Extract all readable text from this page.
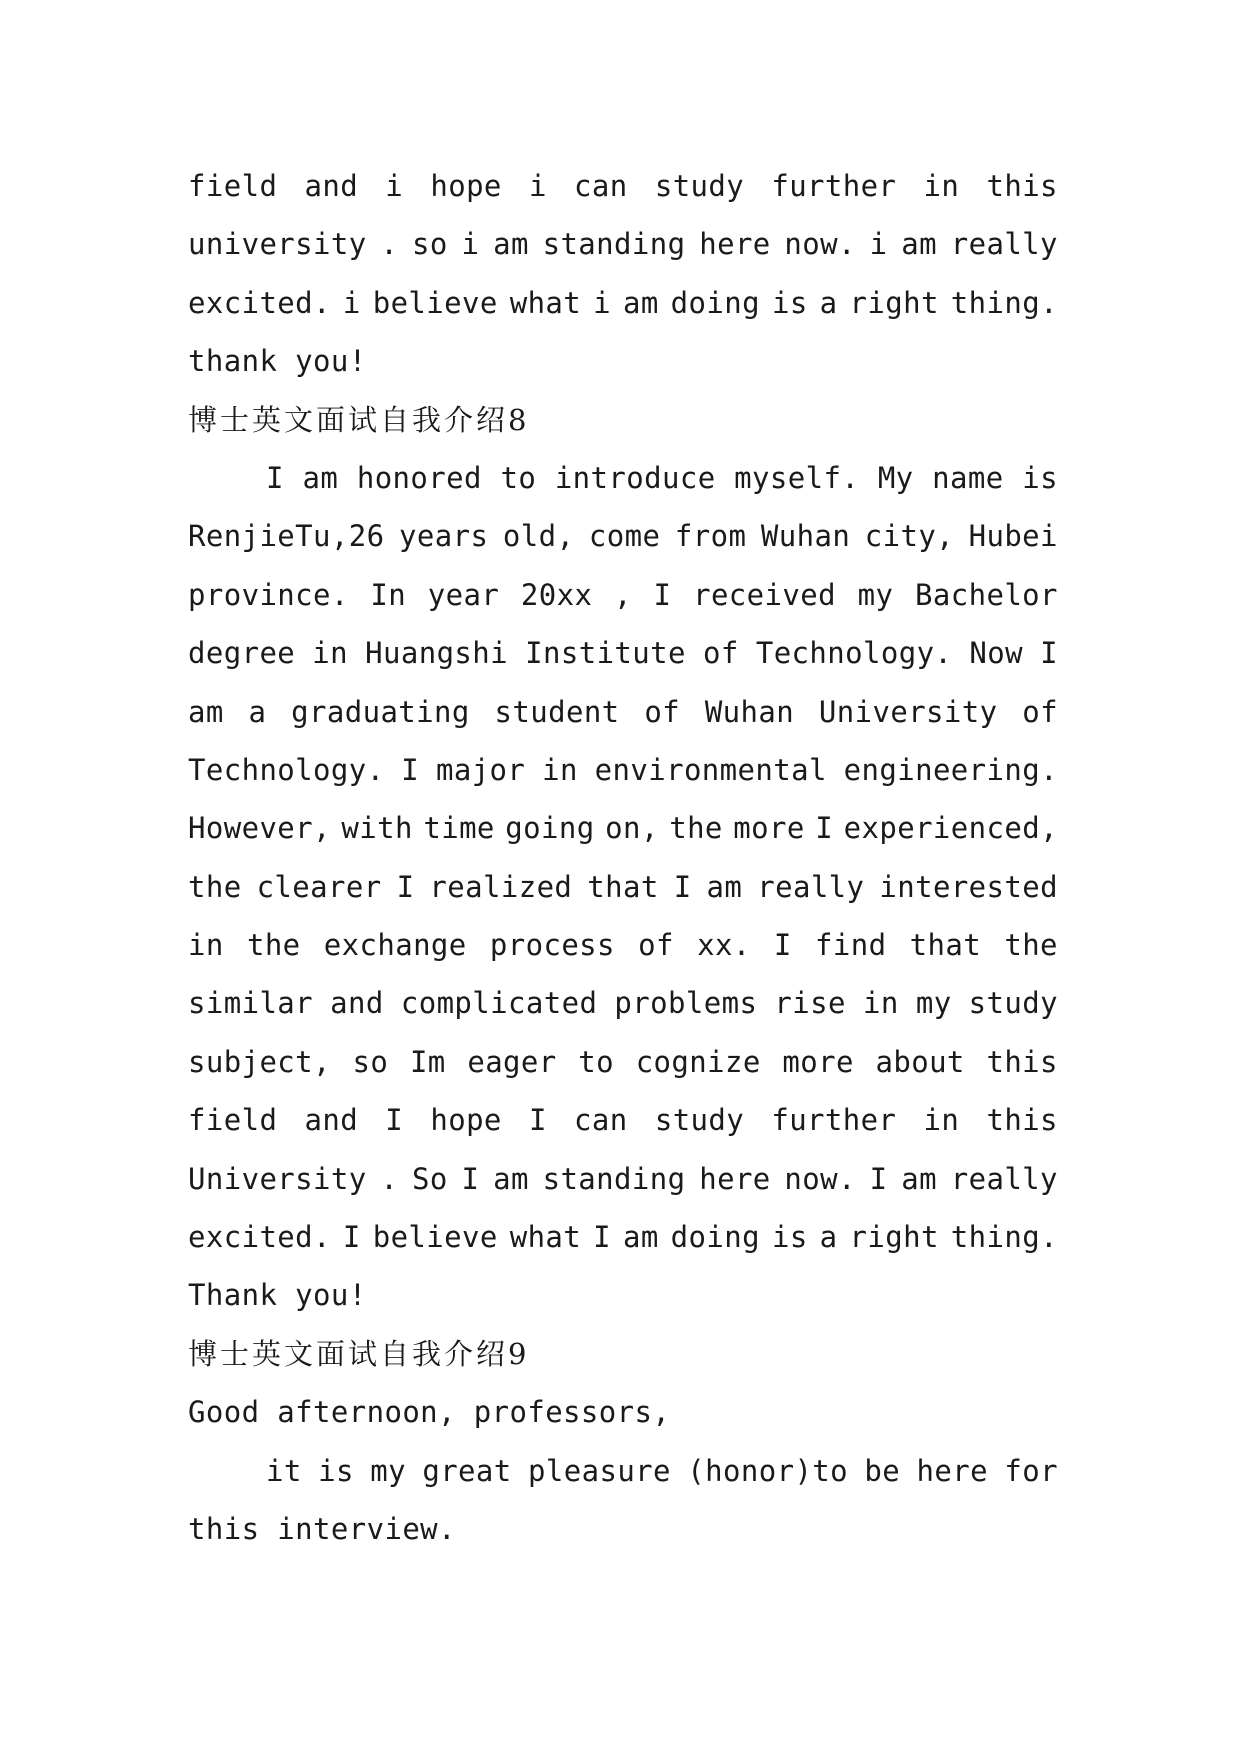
field and i hope i can study further in this
university . so i am standing here now. i am really
excited. i believe what i am doing is a right thing.
thank you!
博士英文面试自我介绍8
I am honored to introduce myself. My name is
RenjieTu,26 years old, come from Wuhan city, Hubei
province. In year 20xx , I received my Bachelor
degree in Huangshi Institute of Technology. Now I
am a graduating student of Wuhan University of
Technology. I major in environmental engineering.
However, with time going on, the more I experienced,
the clearer I realized that I am really interested
in the exchange process of xx. I find that the
similar and complicated problems rise in my study
subject, so Im eager to cognize more about this
field and I hope I can study further in this
University . So I am standing here now. I am really
excited. I believe what I am doing is a right thing.
Thank you!
博士英文面试自我介绍9
Good afternoon, professors,
it is my great pleasure (honor)to be here for
this interview.
